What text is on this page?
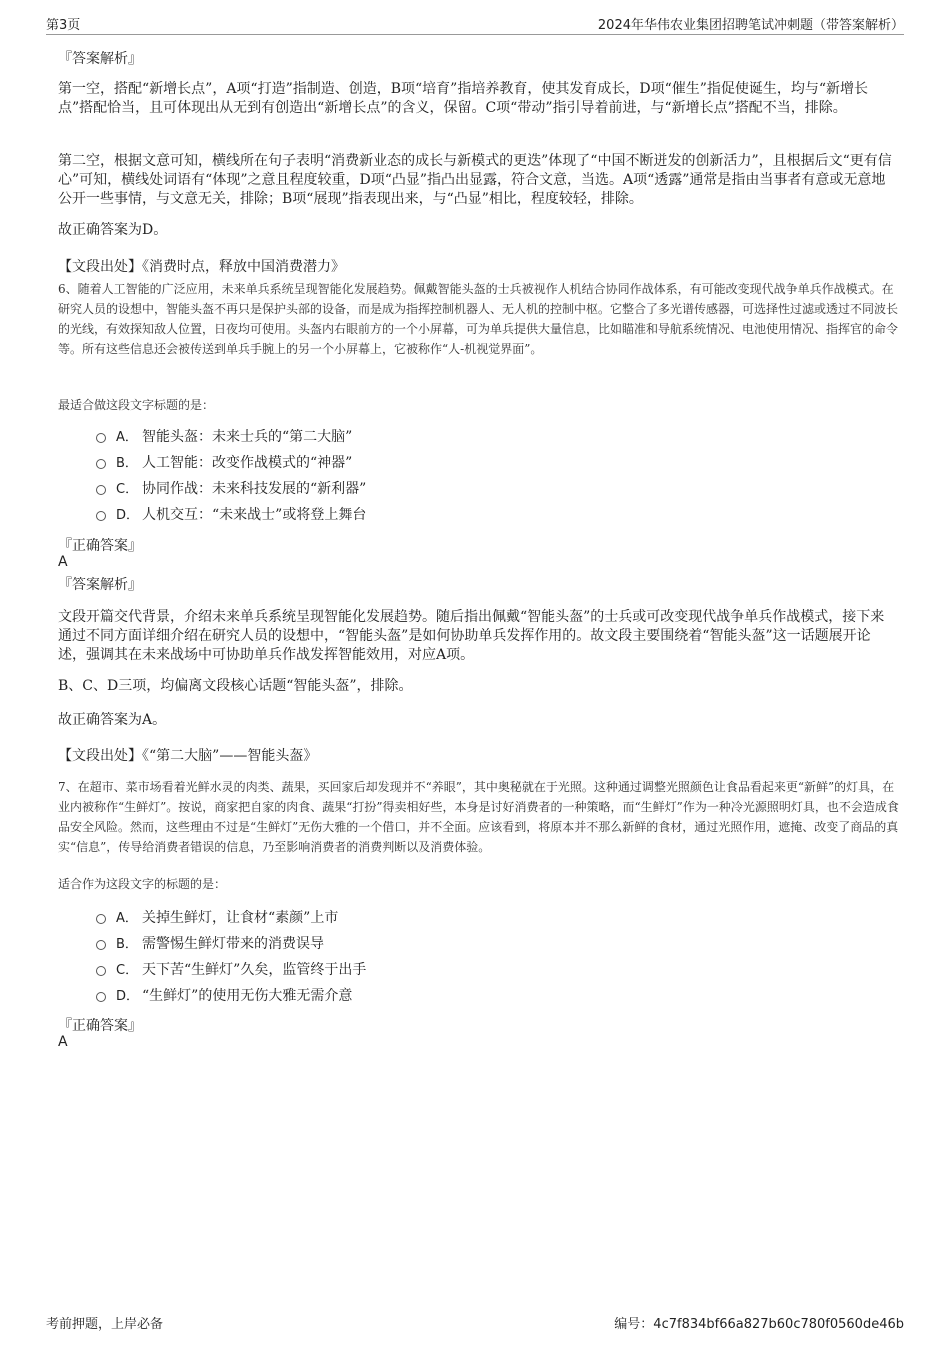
第3页	2024年华伟农业集团招聘笔试冲刺题（带答案解析）
『答案解析』
第一空，搭配“新增长点”，A项“打造”指制造、创造，B项“培育”指培养教育，使其发育成长，D项“催生”指促使诞生，均与“新增长点”搭配恰当，且可体现出从无到有创造出“新增长点”的含义，保留。C项“带动”指引导着前进，与“新增长点”搭配不当，排除。
第二空，根据文意可知，横线所在句子表明“消费新业态的成长与新模式的更迭”体现了“中国不断迸发的创新活力”，且根据后文“更有信心”可知，横线处词语有“体现”之意且程度较重，D项“凸显”指凸出显露，符合文意，当选。A项“透露”通常是指由当事者有意或无意地公开一些事情，与文意无关，排除；B项“展现”指表现出来，与“凸显”相比，程度较轻，排除。
故正确答案为D。
【文段出处】《消费时点，释放中国消费潜力》
6、随着人工智能的广泛应用，未来单兵系统呈现智能化发展趋势。佩戴智能头盔的士兵被视作人机结合协同作战体系，有可能改变现代战争单兵作战模式。在研究人员的设想中，智能头盔不再只是保护头部的设备，而是成为指挥控制机器人、无人机的控制中枢。它整合了多光谱传感器，可选择性过滤或透过不同波长的光线，有效探知敌人位置，日夜均可使用。头盔内右眼前方的一个小屏幕，可为单兵提供大量信息，比如瞄准和导航系统情况、电池使用情况、指挥官的命令等。所有这些信息还会被传送到单兵手腕上的另一个小屏幕上，它被称作“人-机视觉界面”。
最适合做这段文字标题的是：
A． 智能头盔：未来士兵的“第二大脑”
B． 人工智能：改变作战模式的“神器”
C． 协同作战：未来科技发展的“新利器”
D． 人机交互：“未来战士”或将登上舞台
『正确答案』
A
『答案解析』
文段开篇交代背景，介绍未来单兵系统呈现智能化发展趋势。随后指出佩戴“智能头盔”的士兵或可改变现代战争单兵作战模式，接下来通过不同方面详细介绍在研究人员的设想中，“智能头盔”是如何协助单兵发挥作用的。故文段主要围绕着“智能头盔”这一话题展开论述，强调其在未来战场中可协助单兵作战发挥智能效用，对应A项。
B、C、D三项，均偏离文段核心话题“智能头盔”，排除。
故正确答案为A。
【文段出处】《“第二大脑”——智能头盔》
7、在超市、菜市场看着光鲜水灵的肉类、蔬果，买回家后却发现并不“养眼”，其中奥秘就在于光照。这种通过调整光照颜色让食品看起来更“新鲜”的灯具，在业内被称作“生鲜灯”。按说，商家把自家的肉食、蔬果“打扮”得卖相好些，本身是讨好消费者的一种策略，而“生鲜灯”作为一种冷光源照明灯具，也不会造成食品安全风险。然而，这些理由不过是“生鲜灯”无伤大雅的一个借口，并不全面。应该看到，将原本并不那么新鲜的食材，通过光照作用，遮掩、改变了商品的真实“信息”，传导给消费者错误的信息，乃至影响消费者的消费判断以及消费体验。
适合作为这段文字的标题的是：
A． 关掉生鲜灯，让食材“素颜”上市
B． 需警惕生鲜灯带来的消费误导
C． 天下苦“生鲜灯”久矣，监管终于出手
D． “生鲜灯”的使用无伤大雅无需介意
『正确答案』
A
考前押题，上岸必备	编号：4c7f834bf66a827b60c780f0560de46b
